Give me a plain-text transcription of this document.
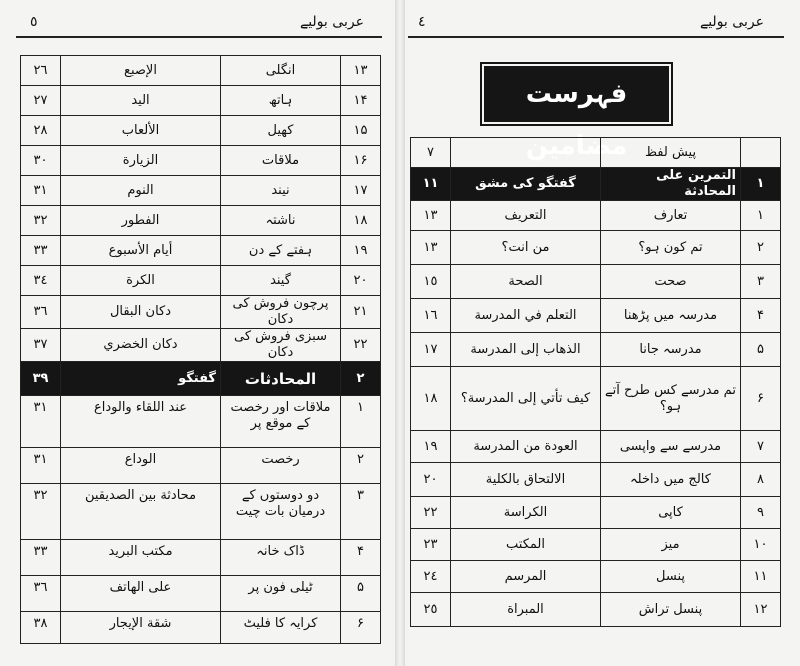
٥	عربی بولیے
٢٦	الإصبع	انگلی	۱۳
٢٧	اليد	ہاتھ	۱۴
٢٨	الألعاب	کھیل	۱۵
٣٠	الزيارة	ملاقات	۱۶
٣١	النوم	نیند	۱۷
٣٢	الفطور	ناشتہ	۱۸
٣٣	أيام الأسبوع	ہفتے کے دن	۱۹
٣٤	الكرة	گیند	۲۰
٣٦	دكان البقال	پرچون فروش کی دکان	۲۱
٣٧	دكان الخضري	سبزی فروش کی دکان	۲۲
٣٩	گفتگو	المحادثات	۲
٣١	عند اللقاء والوداع	ملاقات اور رخصت کے موقع پر	۱
٣١	الوداع	رخصت	۲
٣٢	محادثة بين الصديقين	دو دوستوں کے درمیان بات چیت	۳
٣٣	مكتب البريد	ڈاک خانہ	۴
٣٦	على الهاتف	ٹیلی فون پر	۵
٣٨	شقة الإيجار	کرایہ کا فلیٹ	۶
٤	عربی بولیے
فہرست مضامین
٧		پیش لفظ	
١١	گفتگو کی مشق	التمرين على المحادثة	۱
١٣	التعريف	تعارف	۱
١٣	من انت؟	تم کون ہو؟	۲
١٥	الصحة	صحت	۳
١٦	التعلم في المدرسة	مدرسہ میں پڑھنا	۴
١٧	الذهاب إلى المدرسة	مدرسہ جانا	۵
١٨	كيف تأتي إلى المدرسة؟	تم مدرسے کس طرح آتے ہو؟	۶
١٩	العودة من المدرسة	مدرسے سے واپسی	۷
٢٠	الالتحاق بالكلية	کالج میں داخلہ	۸
٢٢	الكراسة	کاپی	۹
٢٣	المكتب	میز	۱۰
٢٤	المرسم	پنسل	۱۱
٢٥	المبراة	پنسل تراش	۱۲
